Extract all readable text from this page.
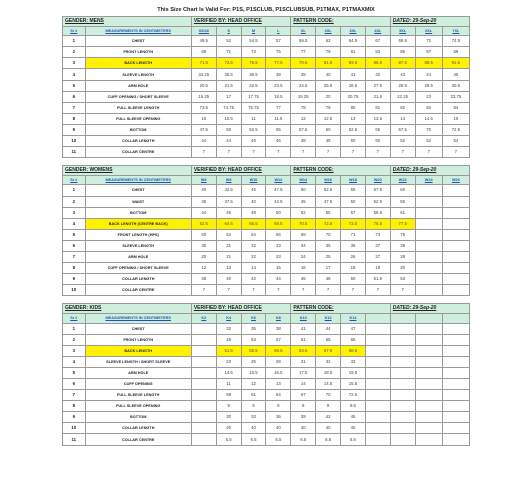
This Size Chart Is Valid For: P1S, P1SCLUB, P1SCLUBSUB, P1TMAX, P1TMAXMIX
GENDER: MENS		VERIFIED BY: HEAD OFFICE				PATTERN CODE:				DATED: 29-Sep-20		
Sr #	MEASUREMENTS IN CENTIMETERS	XS/16	S	M	L	XL	2XL	3XL	4XL	5XL	6XL	7XL
1	CHEST	49.5	52	54.5	57	59.5	62	64.5	67	69.5	72	74.5
2	FRONT LENGTH	69	71	73	75	77	79	81	83	85	87	89
3	BACK LENGTH	71.5	73.5	75.5	77.5	79.5	81.5	83.5	85.5	87.5	89.5	91.5
4	SLEEVE LENGTH	34.25	35.5	36.5	38	39	40	41	42	43	44	45
5	ARM HOLE	20.5	21.5	22.5	23.5	24.5	25.5	26.5	27.5	28.5	29.5	30.5
6	CUFF OPENING / SHORT SLEEVE	16.25	17	17.75	18.5	19.25	20	20.75	21.5	22.25	23	23.75
7	FULL SLEEVE LENGTH	73.5	74.75	75.75	77	78	79	80	81	82	83	84
8	FULL SLEEVE OPENING	10	10.5	11	11.5	12	12.5	13	13.5	14	14.5	15
9	BOTTOM	47.5	50	52.5	55	57.5	60	62.5	65	67.5	70	72.5
10	COLLAR LENGTH	44	44	46	46	48	48	50	50	52	52	54
11	COLLAR CENTRE	7	7	7	7	7	7	7	7	7	7	7
GENDER: WOMENS		VERIFIED BY: HEAD OFFICE				PATTERN CODE:				DATED: 29-Sep-20		
Sr #	MEASUREMENTS IN CENTIMETERS	W6	W8	W10	W12	W14	W16	W18	W20	W22	W24	W26
1	CHEST	40	42.5	45	47.5	50	52.5	55	57.5	60		
2	WAIST	35	37.5	40	42.5	45	47.5	50	52.5	55		
3	BOTTOM	44	46	48	50	52	55	57	58.5	61		
4	BACK LENGTH (CENTRE BACK)	62.5	64.5	66.5	68.5	70.5	72.5	73.5	75.5	77.5		
5	FRONT LENGTH (HPS)	60	62	64	66	68	70	71	73	75		
6	SLEEVE LENGTH	30	31	32	33	34	35	36	37	38		
7	ARM HOLE	20	21	22	23	24	25	26	27	28		
8	CUFF OPENING / SHORT SLEEVE	12	13	14	15	16	17	18	19	20		
9	COLLAR LENGTH	38	40	42	44	46	48	50	51.5	53		
10	COLLAR CENTRE	7	7	7	7	7	7	7	7	7		
GENDER: KIDS		VERIFIED BY: HEAD OFFICE				PATTERN CODE:				DATED: 29-Sep-20		
Sr #	MEASUREMENTS IN CENTIMETERS	K2	K4	K6	K8	K10	K12	K14				
1	CHEST		32	35	38	41	44	47				
2	FRONT LENGTH		49	53	57	61	65	66				
3	BACK LENGTH		51.5	55.5	59.5	63.5	67.5	68.5				
4	SLEEVE LENGTH / SHORT SLEEVE		23	25	28	31	32	33				
5	ARM HOLE		14.5	15.5	16.5	17.5	18.5	19.5				
6	CUFF OPENING		11	12	13	14	14.5	15.5				
7	FULL SLEEVE LENGTH		59	61	64	67	70	72.5				
8	FULL SLEEVE OPENING		9	9	9	9	9	9.5				
9	BOTTOM		30	33	36	39	42	45				
10	COLLAR LENGTH		40	40	40	40	40	40				
11	COLLAR CENTRE		6.5	6.5	6.5	6.5	6.5	6.5				
